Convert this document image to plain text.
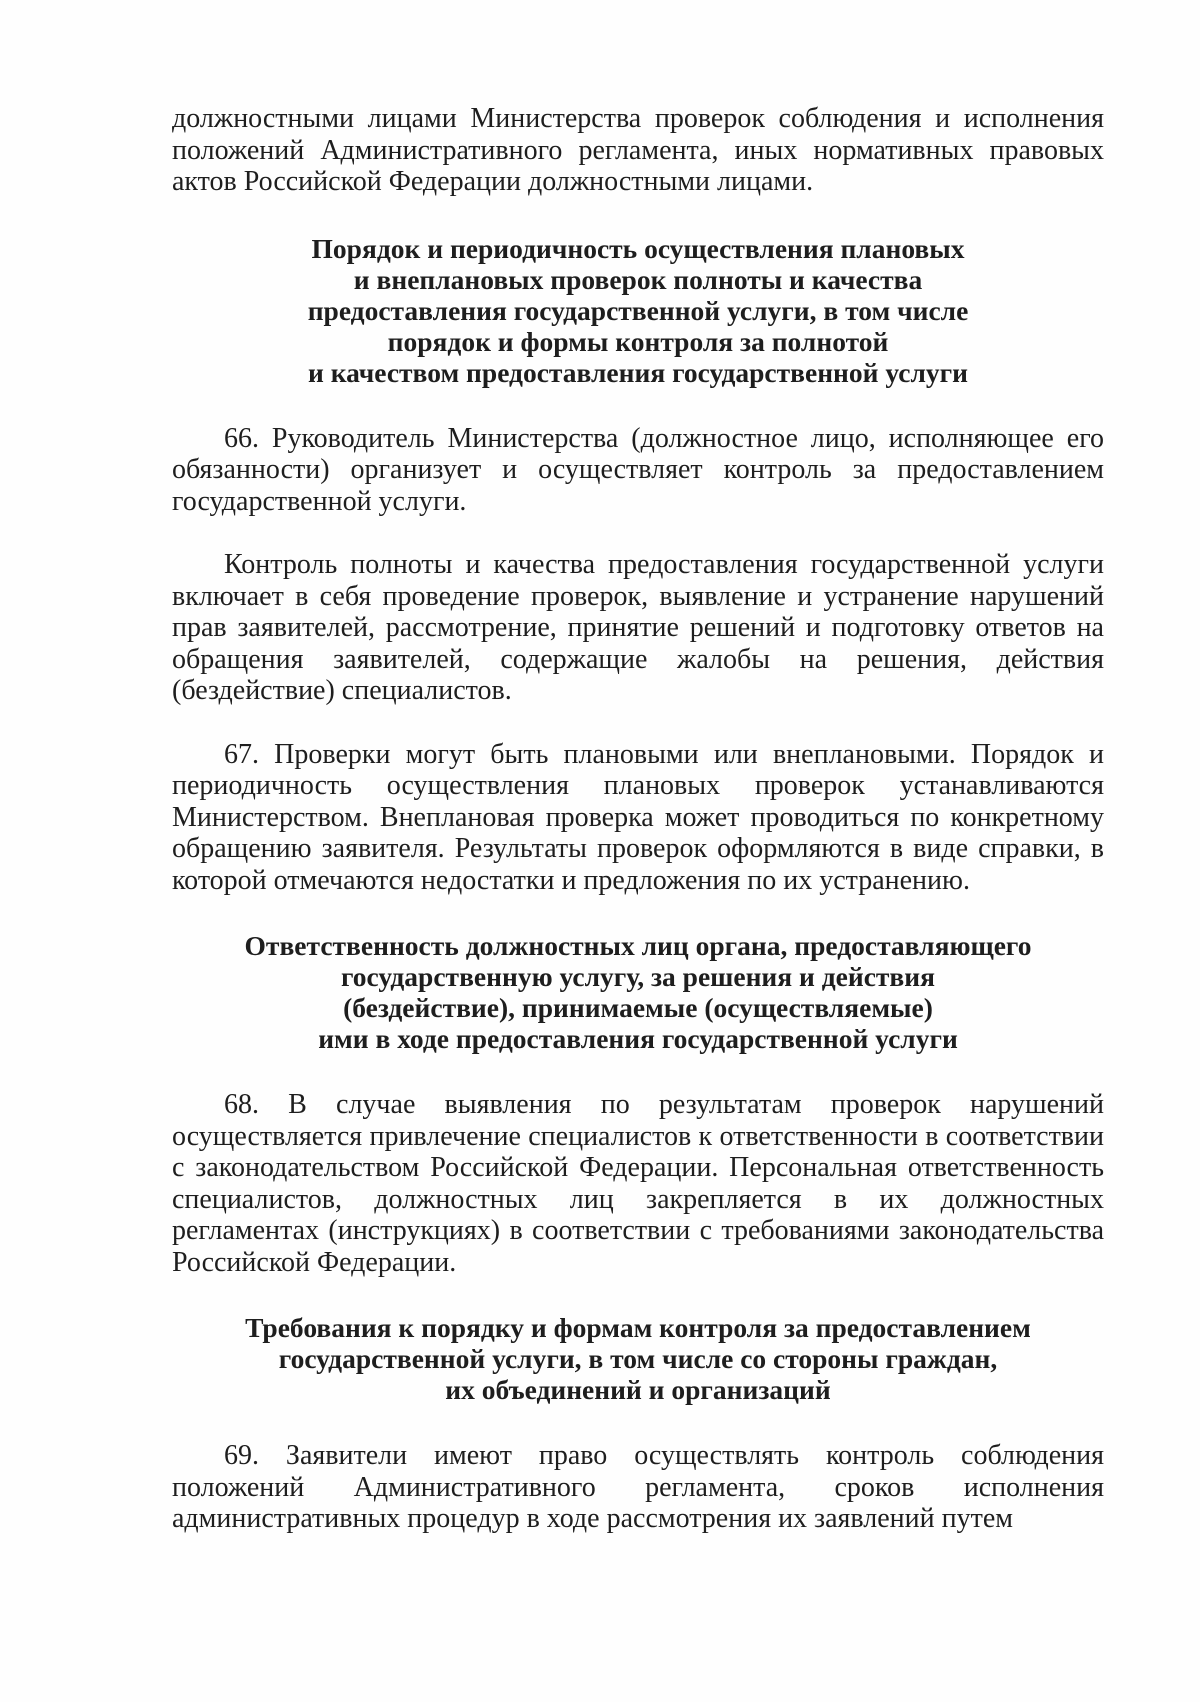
должностными лицами Министерства проверок соблюдения и исполнения положений Административного регламента, иных нормативных правовых актов Российской Федерации должностными лицами.

Порядок и периодичность осуществления плановых
и внеплановых проверок полноты и качества
предоставления государственной услуги, в том числе
порядок и формы контроля за полнотой
и качеством предоставления государственной услуги

66. Руководитель Министерства (должностное лицо, исполняющее его обязанности) организует и осуществляет контроль за предоставлением государственной услуги.

Контроль полноты и качества предоставления государственной услуги включает в себя проведение проверок, выявление и устранение нарушений прав заявителей, рассмотрение, принятие решений и подготовку ответов на обращения заявителей, содержащие жалобы на решения, действия (бездействие) специалистов.

67. Проверки могут быть плановыми или внеплановыми. Порядок и периодичность осуществления плановых проверок устанавливаются Министерством. Внеплановая проверка может проводиться по конкретному обращению заявителя. Результаты проверок оформляются в виде справки, в которой отмечаются недостатки и предложения по их устранению.

Ответственность должностных лиц органа, предоставляющего
государственную услугу, за решения и действия
(бездействие), принимаемые (осуществляемые)
ими в ходе предоставления государственной услуги

68. В случае выявления по результатам проверок нарушений осуществляется привлечение специалистов к ответственности в соответствии с законодательством Российской Федерации. Персональная ответственность специалистов, должностных лиц закрепляется в их должностных регламентах (инструкциях) в соответствии с требованиями законодательства Российской Федерации.

Требования к порядку и формам контроля за предоставлением
государственной услуги, в том числе со стороны граждан,
их объединений и организаций

69. Заявители имеют право осуществлять контроль соблюдения положений Административного регламента, сроков исполнения административных процедур в ходе рассмотрения их заявлений путем
